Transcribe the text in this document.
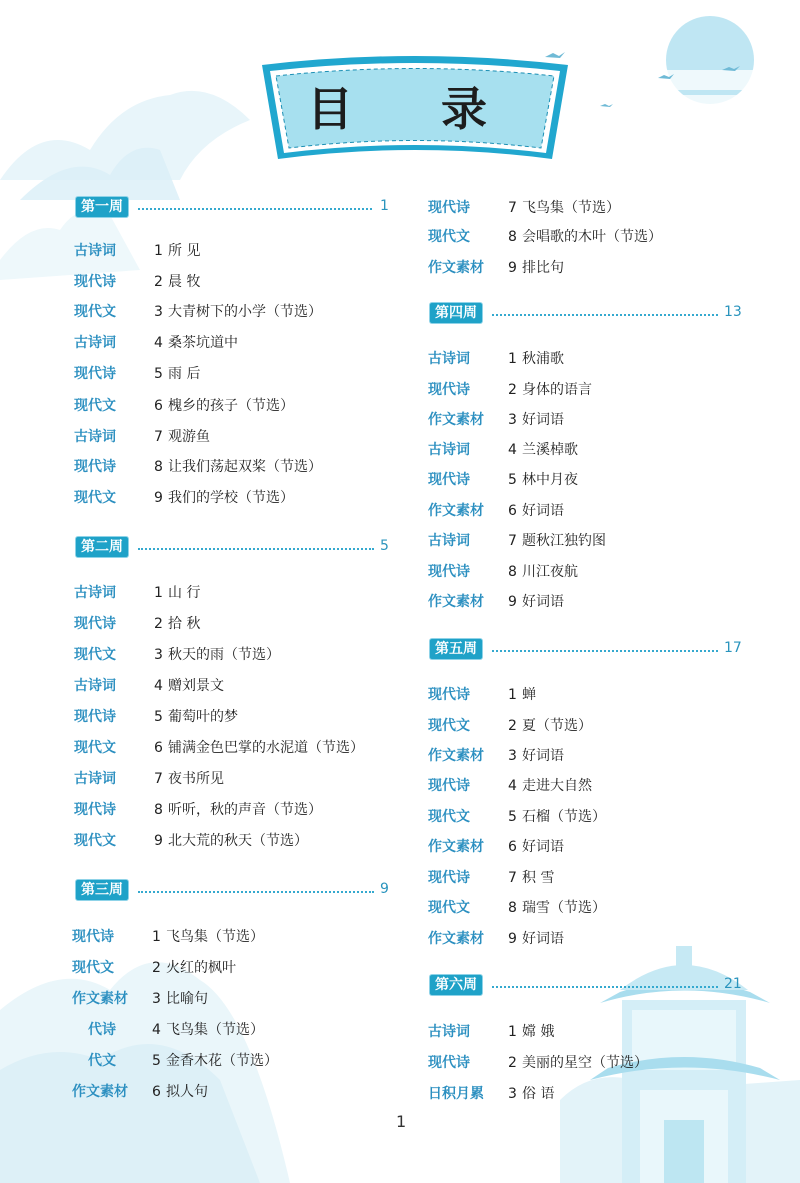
目 录
第一周	1
古诗词	1 所 见
现代诗	2 晨 牧
现代文	3 大青树下的小学（节选）
古诗词	4 桑茶坑道中
现代诗	5 雨 后
现代文	6 槐乡的孩子（节选）
古诗词	7 观游鱼
现代诗	8 让我们荡起双桨（节选）
现代文	9 我们的学校（节选）
第二周	5
古诗词	1 山 行
现代诗	2 拾 秋
现代文	3 秋天的雨（节选）
古诗词	4 赠刘景文
现代诗	5 葡萄叶的梦
现代文	6 铺满金色巴掌的水泥道（节选）
古诗词	7 夜书所见
现代诗	8 听听，秋的声音（节选）
现代文	9 北大荒的秋天（节选）
第三周	9
现代诗	1 飞鸟集（节选）
现代文	2 火红的枫叶
作文素材 3 比喻句
代诗	4 飞鸟集（节选）
代文	5 金香木花（节选）
作文素材 6 拟人句
现代诗	7 飞鸟集（节选）
现代文	8 会唱歌的木叶（节选）
作文素材 9 排比句
第四周	13
古诗词	1 秋浦歌
现代诗	2 身体的语言
作文素材 3 好词语
古诗词	4 兰溪棹歌
现代诗	5 林中月夜
作文素材 6 好词语
古诗词	7 题秋江独钓图
现代诗	8 川江夜航
作文素材 9 好词语
第五周	17
现代诗	1 蝉
现代文	2 夏（节选）
作文素材 3 好词语
现代诗	4 走进大自然
现代文	5 石榴（节选）
作文素材 6 好词语
现代诗	7 积 雪
现代文	8 瑞雪（节选）
作文素材 9 好词语
第六周	21
古诗词	1 嫦 娥
现代诗	2 美丽的星空（节选）
日积月累 3 俗 语
1
